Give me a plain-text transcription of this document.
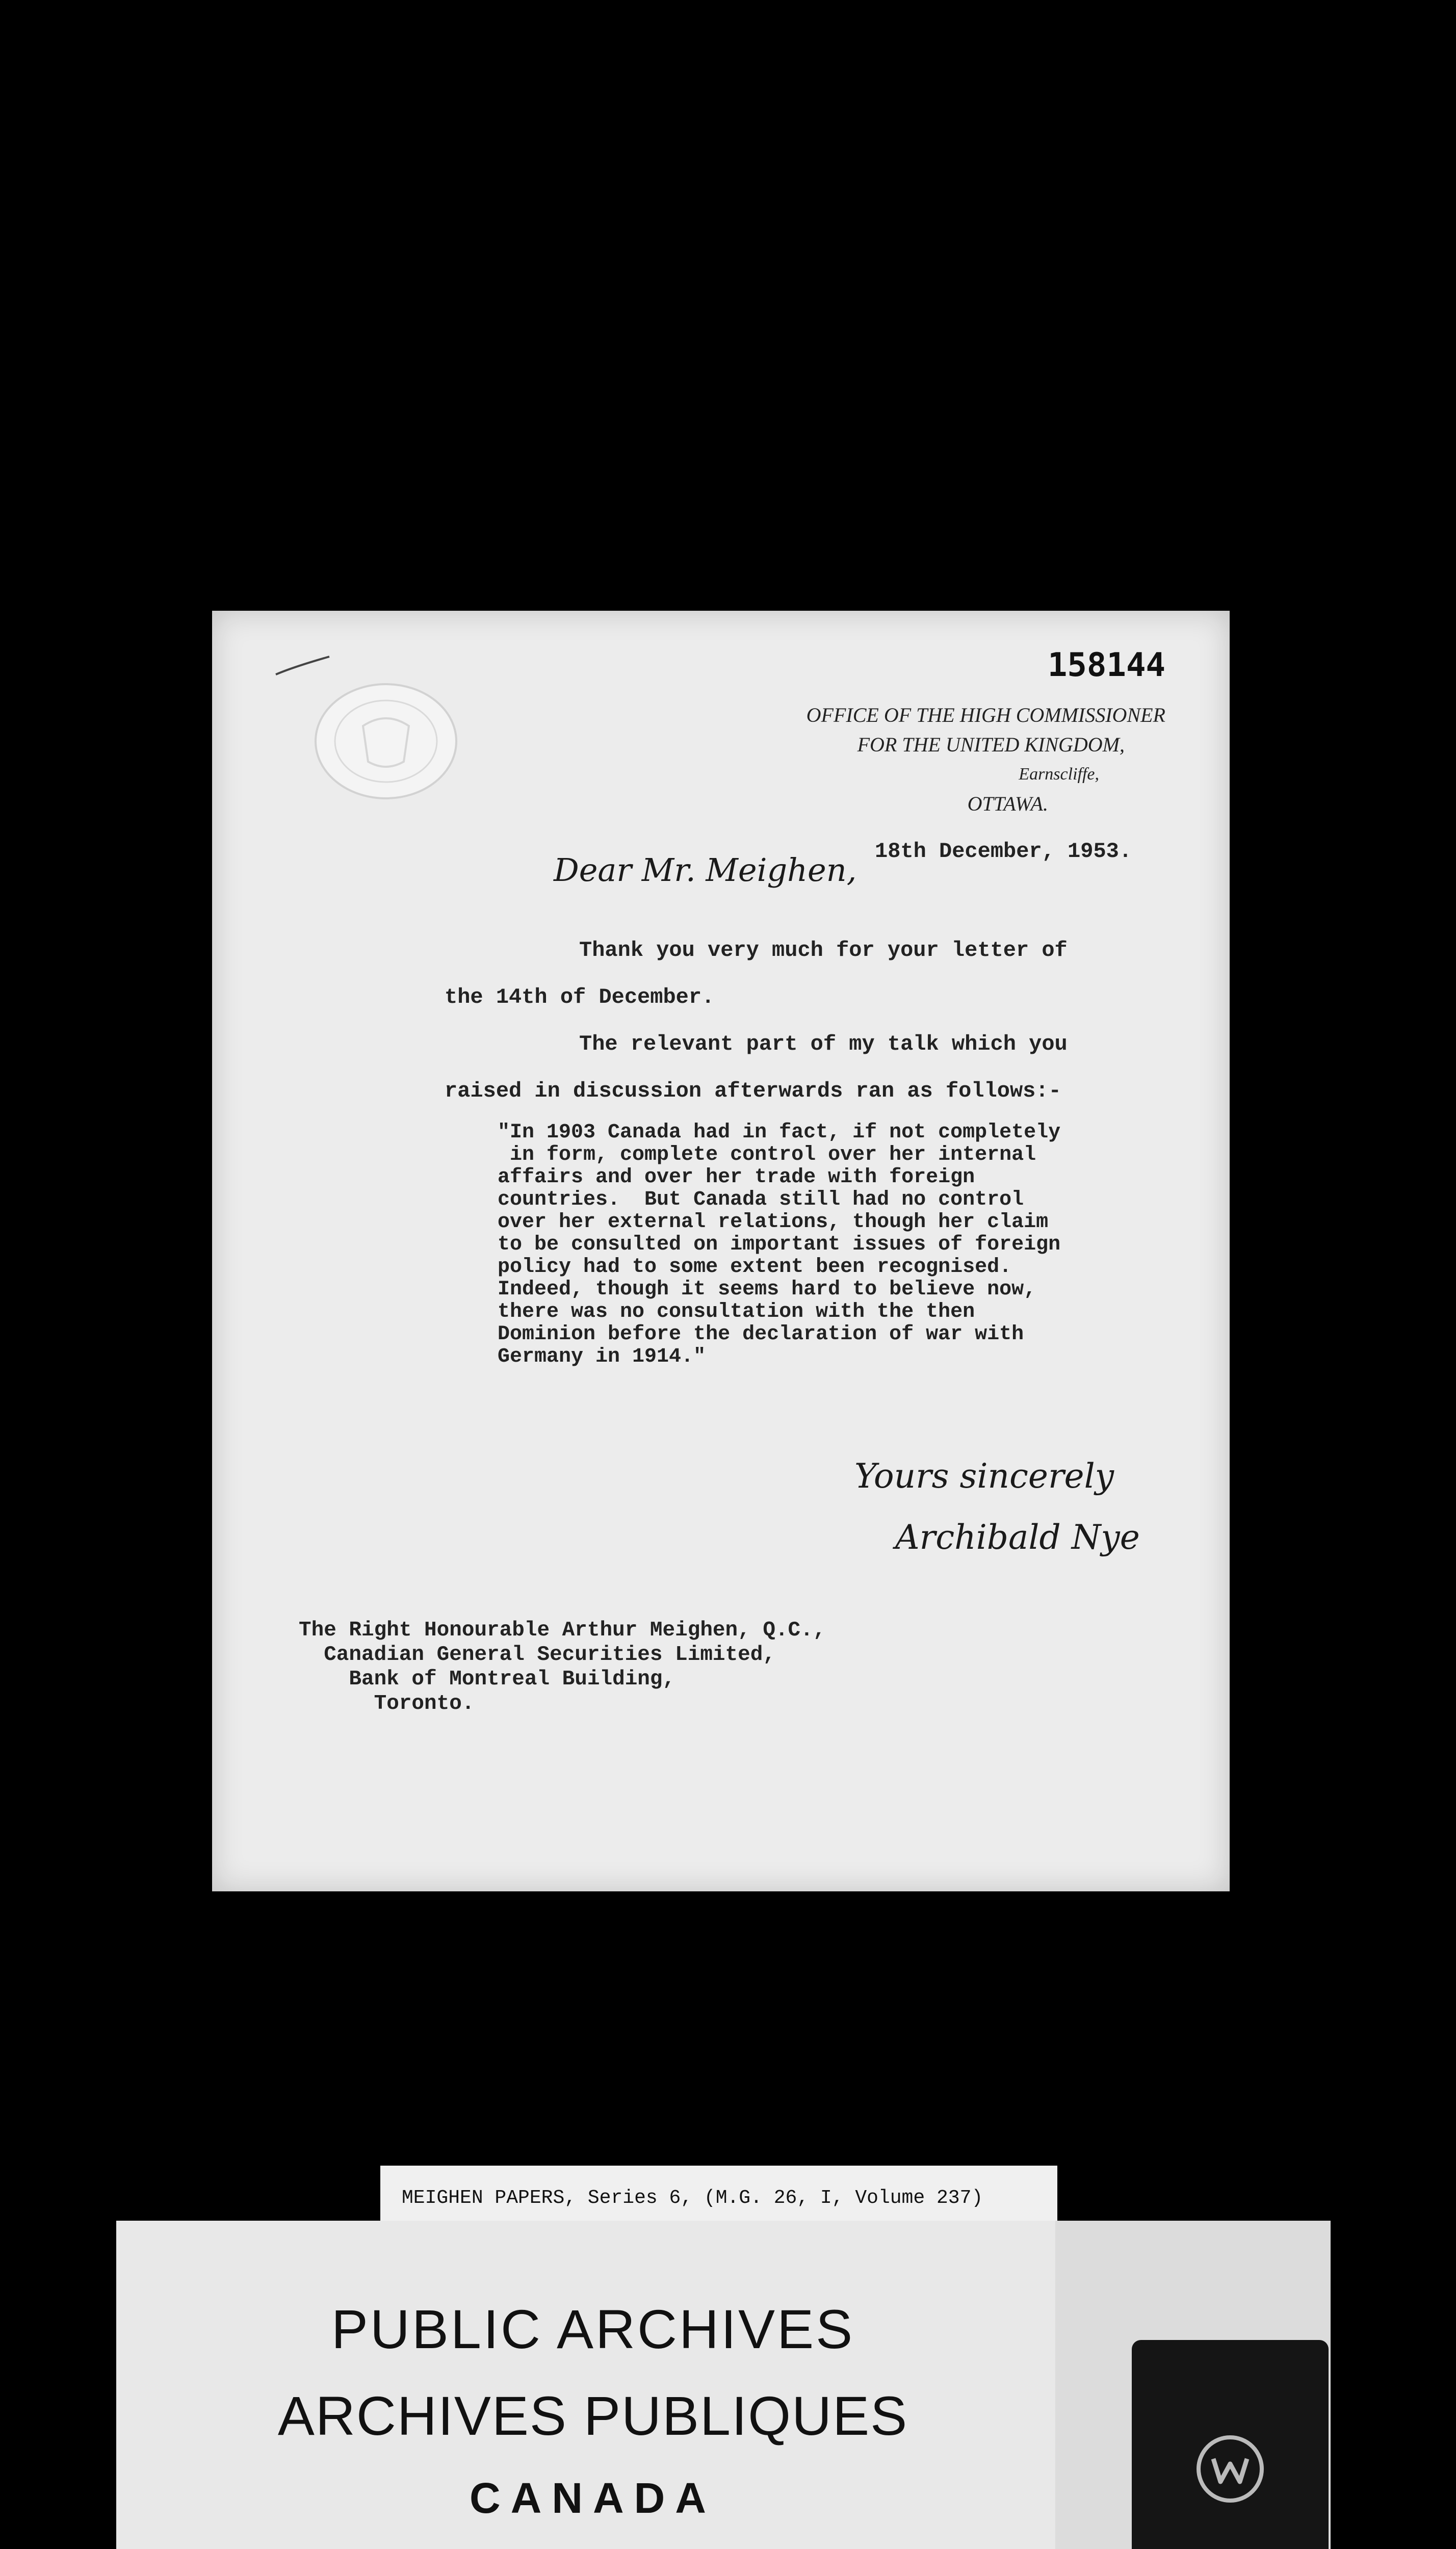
158144
OFFICE OF THE HIGH COMMISSIONER
FOR THE UNITED KINGDOM,
Earnscliffe,
OTTAWA.
18th December, 1953.
Dear Mr. Meighen,
Thank you very much for your letter of
the 14th of December.
The relevant part of my talk which you
raised in discussion afterwards ran as follows:-
"In 1903 Canada had in fact, if not completely
in form, complete control over her internal
affairs and over her trade with foreign
countries.  But Canada still had no control
over her external relations, though her claim
to be consulted on important issues of foreign
policy had to some extent been recognised.
Indeed, though it seems hard to believe now,
there was no consultation with the then
Dominion before the declaration of war with
Germany in 1914."
Yours sincerely
Archibald Nye
The Right Honourable Arthur Meighen, Q.C.,
Canadian General Securities Limited,
Bank of Montreal Building,
Toronto.
MEIGHEN PAPERS, Series 6, (M.G. 26, I, Volume 237)
PUBLIC ARCHIVES
ARCHIVES PUBLIQUES
CANADA
